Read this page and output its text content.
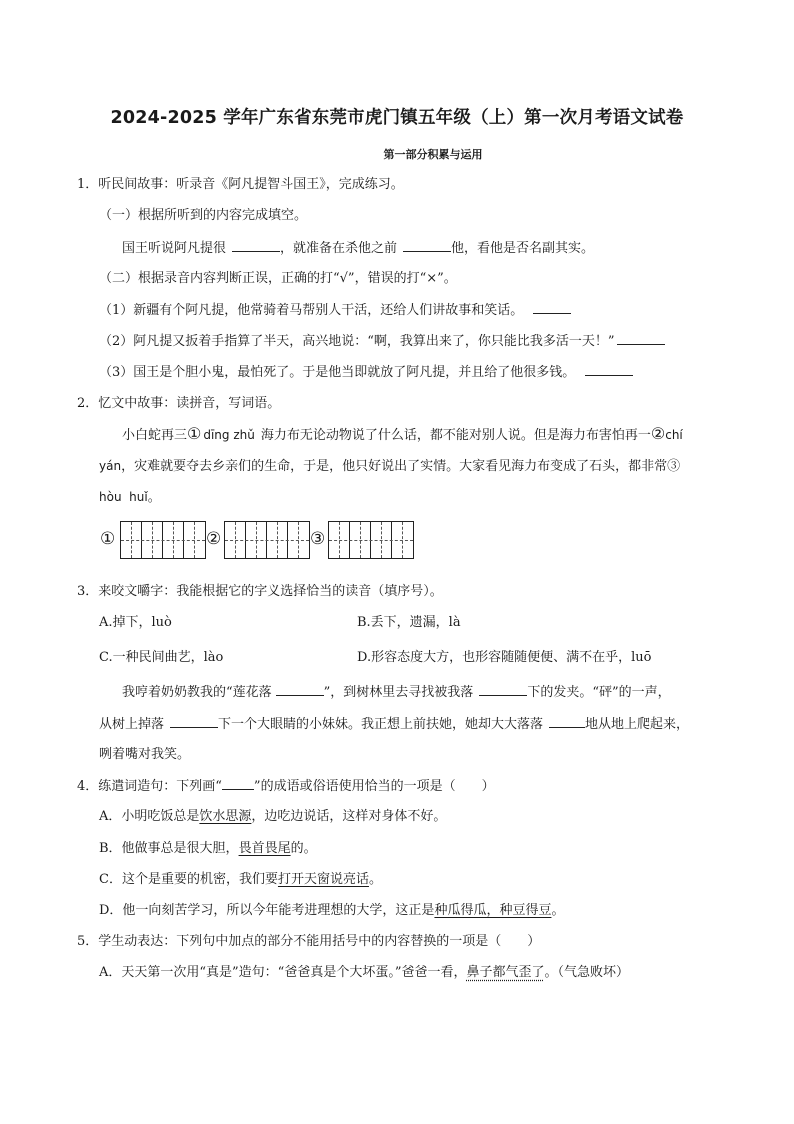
2024-2025 学年广东省东莞市虎门镇五年级（上）第一次月考语文试卷
第一部分积累与运用
1．听民间故事：听录音《阿凡提智斗国王》，完成练习。
（一）根据所听到的内容完成填空。
国王听说阿凡提很	，就准备在杀他之前	他，看他是否名副其实。
（二）根据录音内容判断正误，正确的打“√”，错误的打“×”。
（1）新疆有个阿凡提，他常骑着马帮别人干活，还给人们讲故事和笑话。
（2）阿凡提又扳着手指算了半天，高兴地说：“啊，我算出来了，你只能比我多活一天！”
（3）国王是个胆小鬼，最怕死了。于是他当即就放了阿凡提，并且给了他很多钱。
2．忆文中故事：读拼音，写词语。
小白蛇再三① dīng zhǔ 海力布无论动物说了什么话，都不能对别人说。但是海力布害怕再一②chí
yán，灾难就要夺去乡亲们的生命，于是，他只好说出了实情。大家看见海力布变成了石头，都非常③
hòu  huǐ。
①	②	③
3．来咬文嚼字：我能根据它的字义选择恰当的读音（填序号）。
A.掉下，luò	B.丢下，遗漏，là
C.一种民间曲艺，lào	D.形容态度大方，也形容随随便便、满不在乎，luō
我哼着奶奶教我的“莲花落	”，到树林里去寻找被我落	下的发夹。“砰”的一声，
从树上掉落	下一个大眼睛的小妹妹。我正想上前扶她，她却大大落落	地从地上爬起来，
咧着嘴对我笑。
4．练遣词造句：下列画“ ”的成语或俗语使用恰当的一项是（　　）
A．小明吃饭总是饮水思源，边吃边说话，这样对身体不好。
B．他做事总是很大胆，畏首畏尾的。
C．这个是重要的机密，我们要打开天窗说亮话。
D．他一向刻苦学习，所以今年能考进理想的大学，这正是种瓜得瓜，种豆得豆。
5．学生动表达：下列句中加点的部分不能用括号中的内容替换的一项是（　　）
A．天天第一次用“真是”造句：“爸爸真是个大坏蛋。”爸爸一看，鼻子都气歪了。（气急败坏）
